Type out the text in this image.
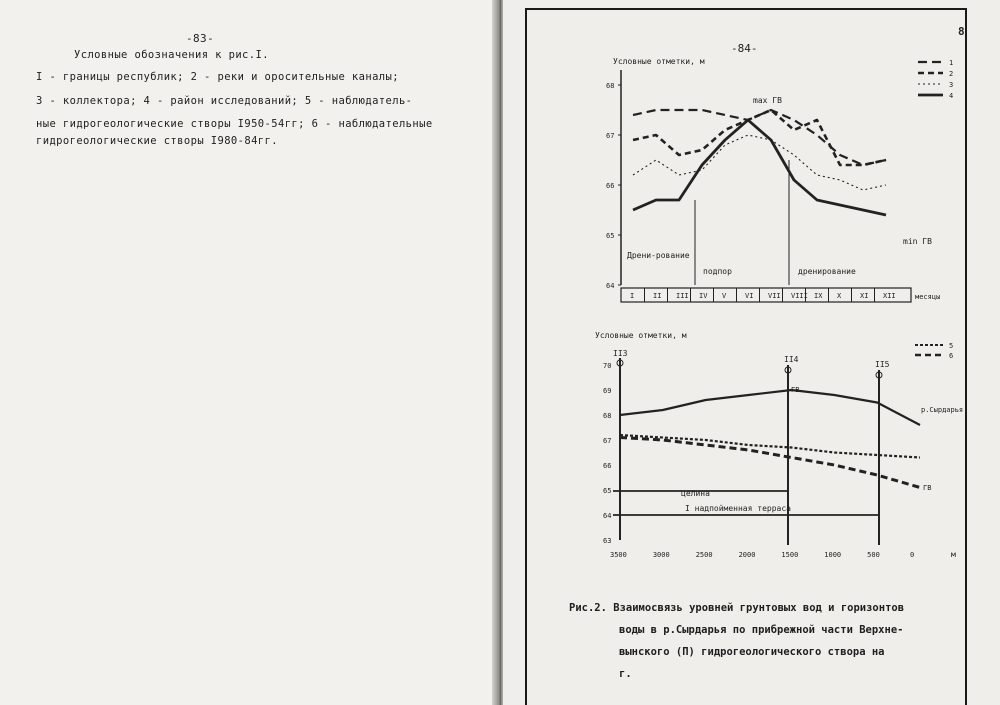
-83-
Условные обозначения к рис.I.
I - границы республик; 2 - реки и оросительные каналы;
3 - коллектора; 4 - район исследований; 5 - наблюдатель-
ные гидрогеологические створы I950-54гг; 6 - наблюдательные
гидрогеологические створы I980-84гг.
-84-
8
Условные отметки, м
68
67
66
65
64
1
2
3
4
max ГВ
min ГВ
Дрени-рование
подпор	дренирование
I	II III IV V	VI VII VIII IX X	XI XII	месяцы
Условные отметки, м
70
69
68
67
66
65
64
63
II3
II4
II5
5
6
р.Сырдарья
ГВ
ГВ
целина
I надпойменная терраса
3500	3000	2500	2000	1500	1000	500	0	м
Рис.2. Взаимосвязь уровней грунтовых вод и горизонтов
воды в р.Сырдарья по прибрежной части Верхне-
вынского (П) гидрогеологического створа на
г.
